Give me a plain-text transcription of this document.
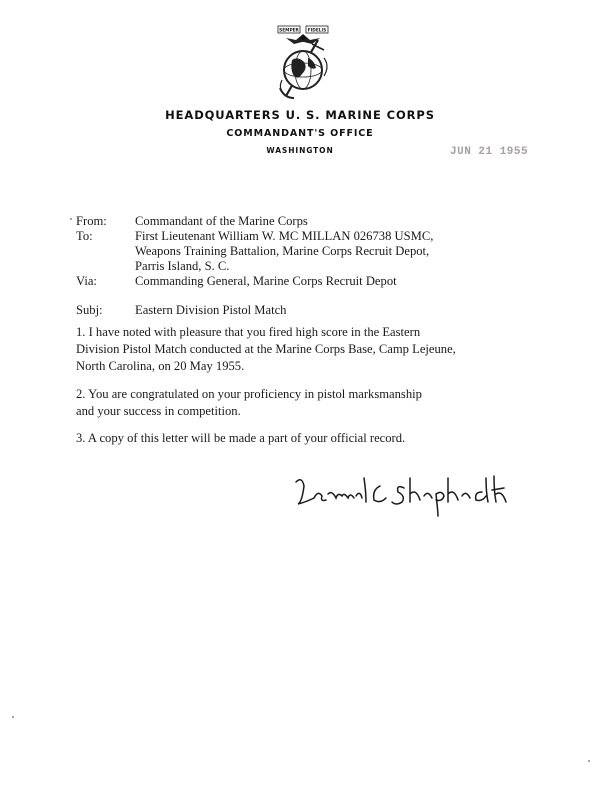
SEMPER FIDELIS
HEADQUARTERS U. S. MARINE CORPS
COMMANDANT'S OFFICE
WASHINGTON	JUN 21 1955
From: Commandant of the Marine Corps
To:	First Lieutenant William W. MC MILLAN 026738 USMC,
Weapons Training Battalion, Marine Corps Recruit Depot,
Parris Island, S. C.
Via:	Commanding General, Marine Corps Recruit Depot
Subj:	Eastern Division Pistol Match
1. I have noted with pleasure that you fired high score in the Eastern
Division Pistol Match conducted at the Marine Corps Base, Camp Lejeune,
North Carolina, on 20 May 1955.
2. You are congratulated on your proficiency in pistol marksmanship
and your success in competition.
3. A copy of this letter will be made a part of your official record.
